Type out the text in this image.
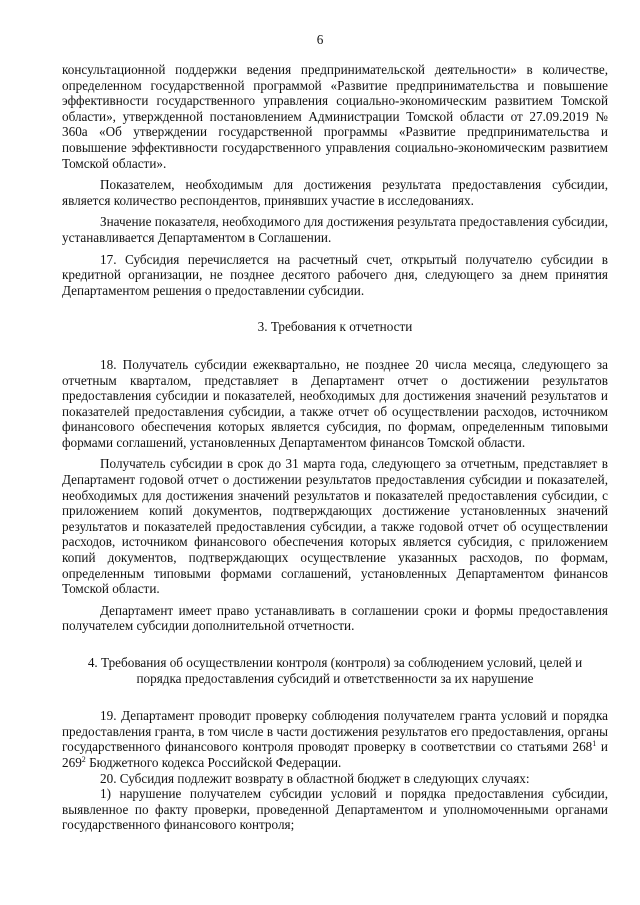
6

консультационной поддержки ведения предпринимательской деятельности» в количестве, определенном государственной программой «Развитие предпринимательства и повышение эффективности государственного управления социально-экономическим развитием Томской области», утвержденной постановлением Администрации Томской области от 27.09.2019 № 360а «Об утверждении государственной программы «Развитие предпринимательства и повышение эффективности государственного управления социально-экономическим развитием Томской области».

Показателем, необходимым для достижения результата предоставления субсидии, является количество респондентов, принявших участие в исследованиях.

Значение показателя, необходимого для достижения результата предоставления субсидии, устанавливается Департаментом в Соглашении.

17. Субсидия перечисляется на расчетный счет, открытый получателю субсидии в кредитной организации, не позднее десятого рабочего дня, следующего за днем принятия Департаментом решения о предоставлении субсидии.

3. Требования к отчетности

18. Получатель субсидии ежеквартально, не позднее 20 числа месяца, следующего за отчетным кварталом, представляет в Департамент отчет о достижении результатов предоставления субсидии и показателей, необходимых для достижения значений результатов и показателей предоставления субсидии, а также отчет об осуществлении расходов, источником финансового обеспечения которых является субсидия, по формам, определенным типовыми формами соглашений, установленных Департаментом финансов Томской области.

Получатель субсидии в срок до 31 марта года, следующего за отчетным, представляет в Департамент годовой отчет о достижении результатов предоставления субсидии и показателей, необходимых для достижения значений результатов и показателей предоставления субсидии, с приложением копий документов, подтверждающих достижение установленных значений результатов и показателей предоставления субсидии, а также годовой отчет об осуществлении расходов, источником финансового обеспечения которых является субсидия, с приложением копий документов, подтверждающих осуществление указанных расходов, по формам, определенным типовыми формами соглашений, установленных Департаментом финансов Томской области.

Департамент имеет право устанавливать в соглашении сроки и формы предоставления получателем субсидии дополнительной отчетности.

4. Требования об осуществлении контроля (контроля) за соблюдением условий, целей и порядка предоставления субсидий и ответственности за их нарушение

19. Департамент проводит проверку соблюдения получателем гранта условий и порядка предоставления гранта, в том числе в части достижения результатов его предоставления, органы государственного финансового контроля проводят проверку в соответствии со статьями $268^1$ и $269^2$ Бюджетного кодекса Российской Федерации.

20. Субсидия подлежит возврату в областной бюджет в следующих случаях:

1) нарушение получателем субсидии условий и порядка предоставления субсидии, выявленное по факту проверки, проведенной Департаментом и уполномоченными органами государственного финансового контроля;
